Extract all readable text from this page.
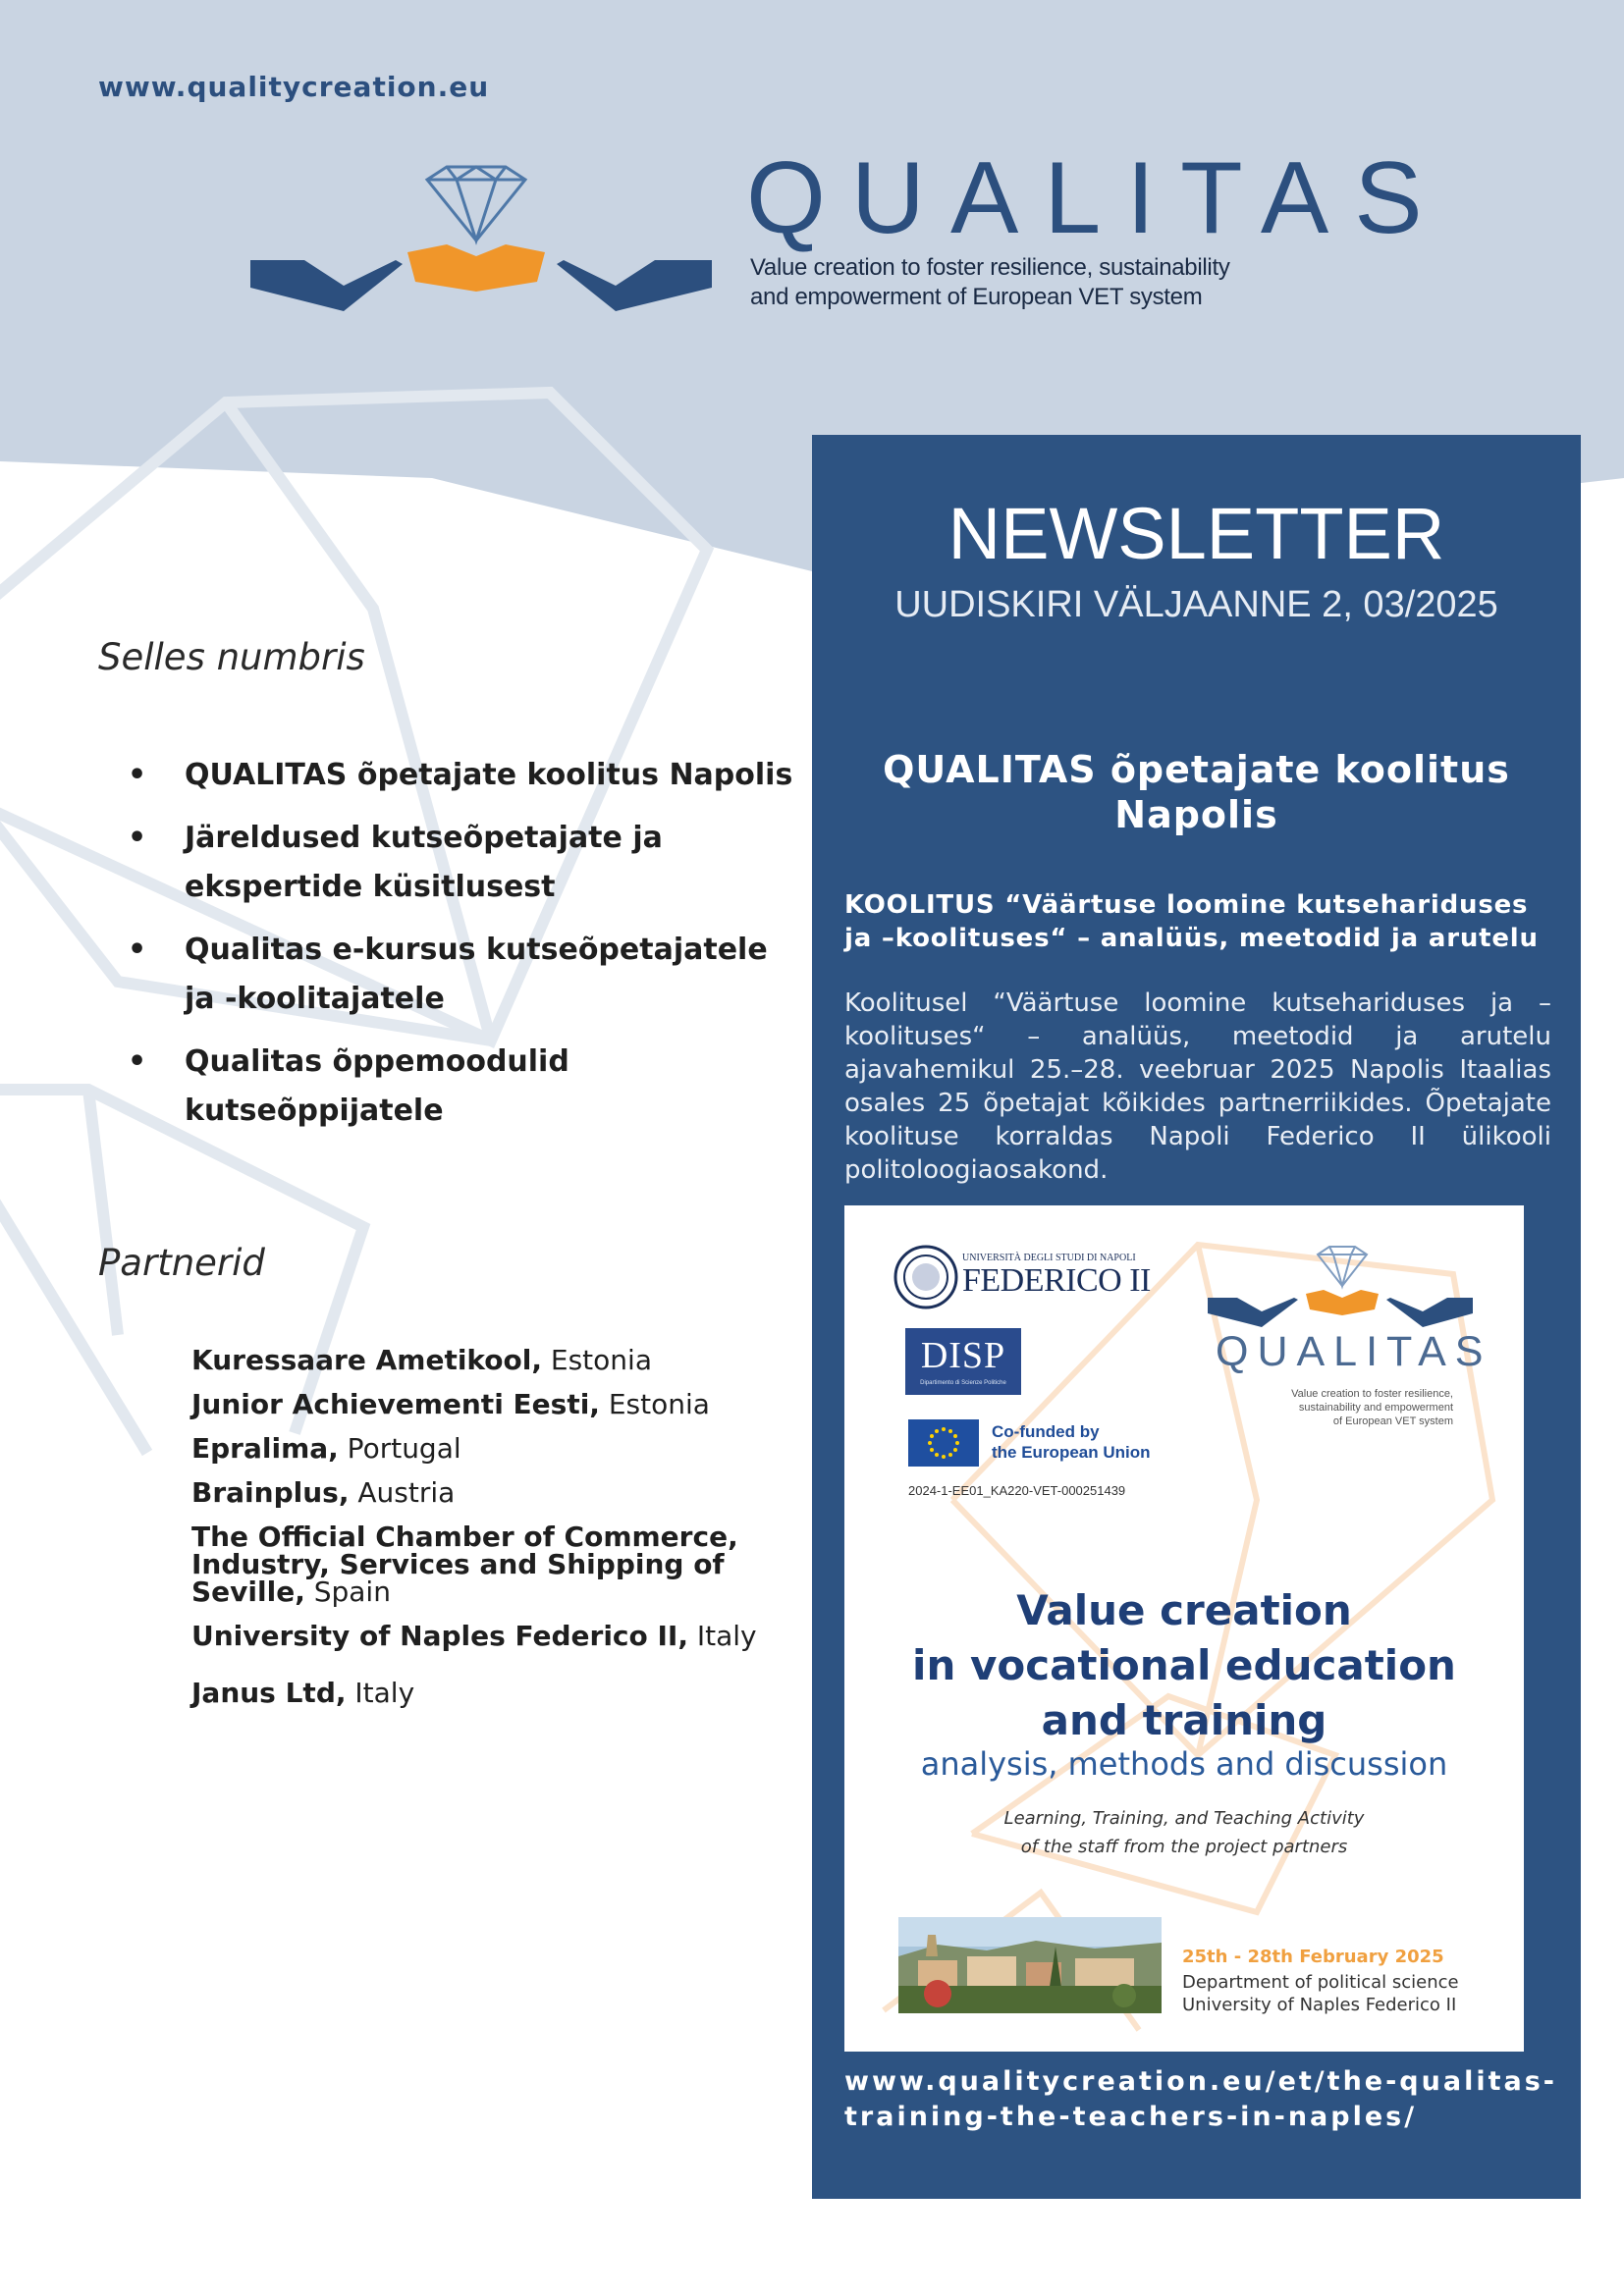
www.qualitycreation.eu
QUALITAS
Value creation to foster resilience, sustainability
and empowerment of European VET system
Selles numbris
• QUALITAS õpetajate koolitus Napolis
• Järeldused kutseõpetajate ja ekspertide küsitlusest
• Qualitas e-kursus kutseõpetajatele ja -koolitajatele
• Qualitas õppemoodulid kutseõppijatele
Partnerid
Kuressaare Ametikool, Estonia
Junior Achievementi Eesti, Estonia
Epralima, Portugal
Brainplus, Austria
The Official Chamber of Commerce, Industry, Services and Shipping of Seville, Spain
University of Naples Federico II, Italy
Janus Ltd, Italy
NEWSLETTER
UUDISKIRI VÄLJAANNE 2, 03/2025
QUALITAS õpetajate koolitus Napolis
KOOLITUS “Väärtuse loomine kutsehariduses ja –koolituses“ – analüüs, meetodid ja arutelu
Koolitusel “Väärtuse loomine kutsehariduses ja –koolituses“ – analüüs, meetodid ja arutelu ajavahemikul 25.–28. veebruar 2025 Napolis Itaalias osales 25 õpetajat kõikides partnerriikides. Õpetajate koolituse korraldas Napoli Federico II ülikooli politoloogiaosakond.
www.qualitycreation.eu/et/the-qualitas-
training-the-teachers-in-naples/
UNIVERSITÀ DEGLI STUDI DI NAPOLI
FEDERICO II
DISP
Dipartimento di Scienze Politiche
Co-funded by
the European Union
2024-1-EE01_KA220-VET-000251439
QUALITAS
Value creation to foster resilience,
sustainability and empowerment
of European VET system
Value creation
in vocational education
and training
analysis, methods and discussion
Learning, Training, and Teaching Activity
of the staff from the project partners
25th - 28th February 2025
Department of political science
University of Naples Federico II
